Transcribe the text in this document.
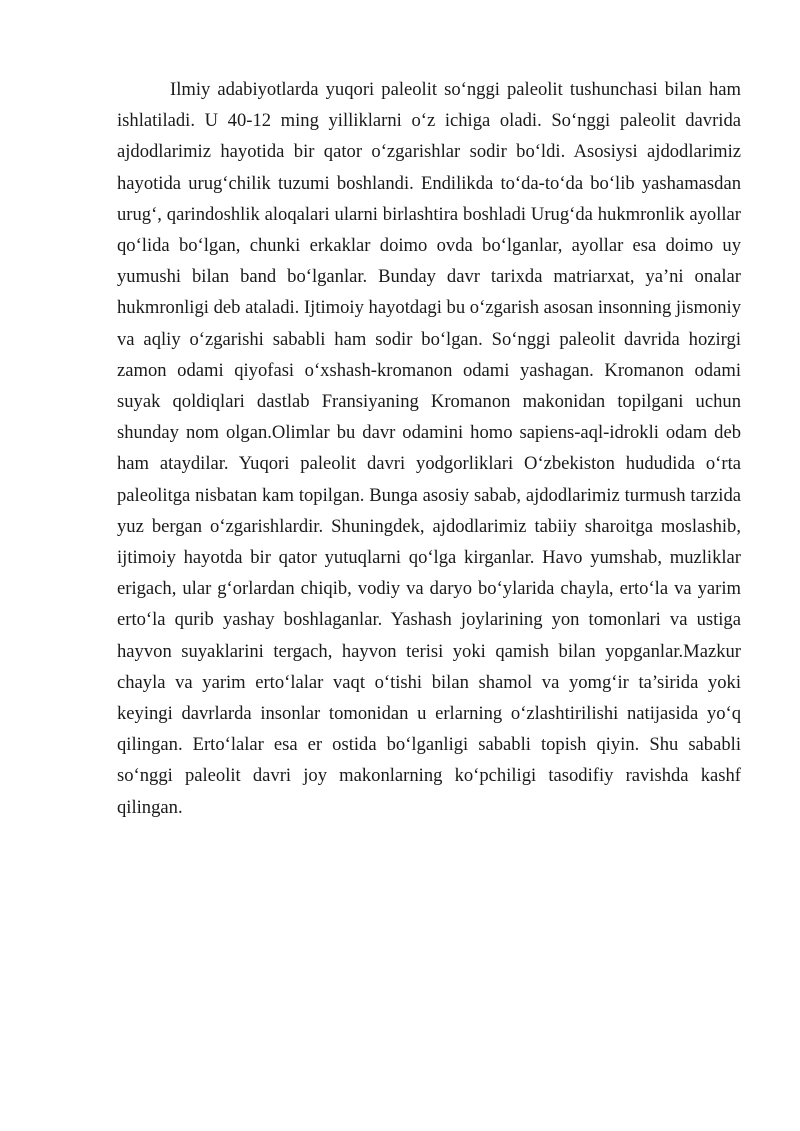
Ilmiy adabiyotlarda yuqori paleolit so‘nggi paleolit tushunchasi bilan ham ishlatiladi. U 40-12 ming yilliklarni o‘z ichiga oladi. So‘nggi paleolit davrida ajdodlarimiz hayotida bir qator o‘zgarishlar sodir bo‘ldi. Asosiysi ajdodlarimiz hayotida urug‘chilik tuzumi boshlandi. Endilikda to‘da-to‘da bo‘lib yashamasdan urug‘, qarindoshlik aloqalari ularni birlashtira boshladi Urug‘da hukmronlik ayollar qo‘lida bo‘lgan, chunki erkaklar doimo ovda bo‘lganlar, ayollar esa doimo uy yumushi bilan band bo‘lganlar. Bunday davr tarixda matriarxat, ya’ni onalar hukmronligi deb ataladi. Ijtimoiy hayotdagi bu o‘zgarish asosan insonning jismoniy va aqliy o‘zgarishi sababli ham sodir bo‘lgan. So‘nggi paleolit davrida hozirgi zamon odami qiyofasi o‘xshash-kromanon odami yashagan. Kromanon odami suyak qoldiqlari dastlab Fransiyaning Kromanon makonidan topilgani uchun shunday nom olgan.Olimlar bu davr odamini homo sapiens-aql-idrokli odam deb ham ataydilar. Yuqori paleolit davri yodgorliklari O‘zbekiston hududida o‘rta paleolitga nisbatan kam topilgan. Bunga asosiy sabab, ajdodlarimiz turmush tarzida yuz bergan o‘zgarishlardir. Shuningdek, ajdodlarimiz tabiiy sharoitga moslashib, ijtimoiy hayotda bir qator yutuqlarni qo‘lga kirganlar. Havo yumshab, muzliklar erigach, ular g‘orlardan chiqib, vodiy va daryo bo‘ylarida chayla, erto‘la va yarim erto‘la qurib yashay boshlaganlar. Yashash joylarining yon tomonlari va ustiga hayvon suyaklarini tergach, hayvon terisi yoki qamish bilan yopganlar.Mazkur chayla va yarim erto‘lalar vaqt o‘tishi bilan shamol va yomg‘ir ta’sirida yoki keyingi davrlarda insonlar tomonidan u erlarning o‘zlashtirilishi natijasida yo‘q qilingan. Erto‘lalar esa er ostida bo‘lganligi sababli topish qiyin. Shu sababli so‘nggi paleolit davri joy makonlarning ko‘pchiligi tasodifiy ravishda kashf qilingan.
